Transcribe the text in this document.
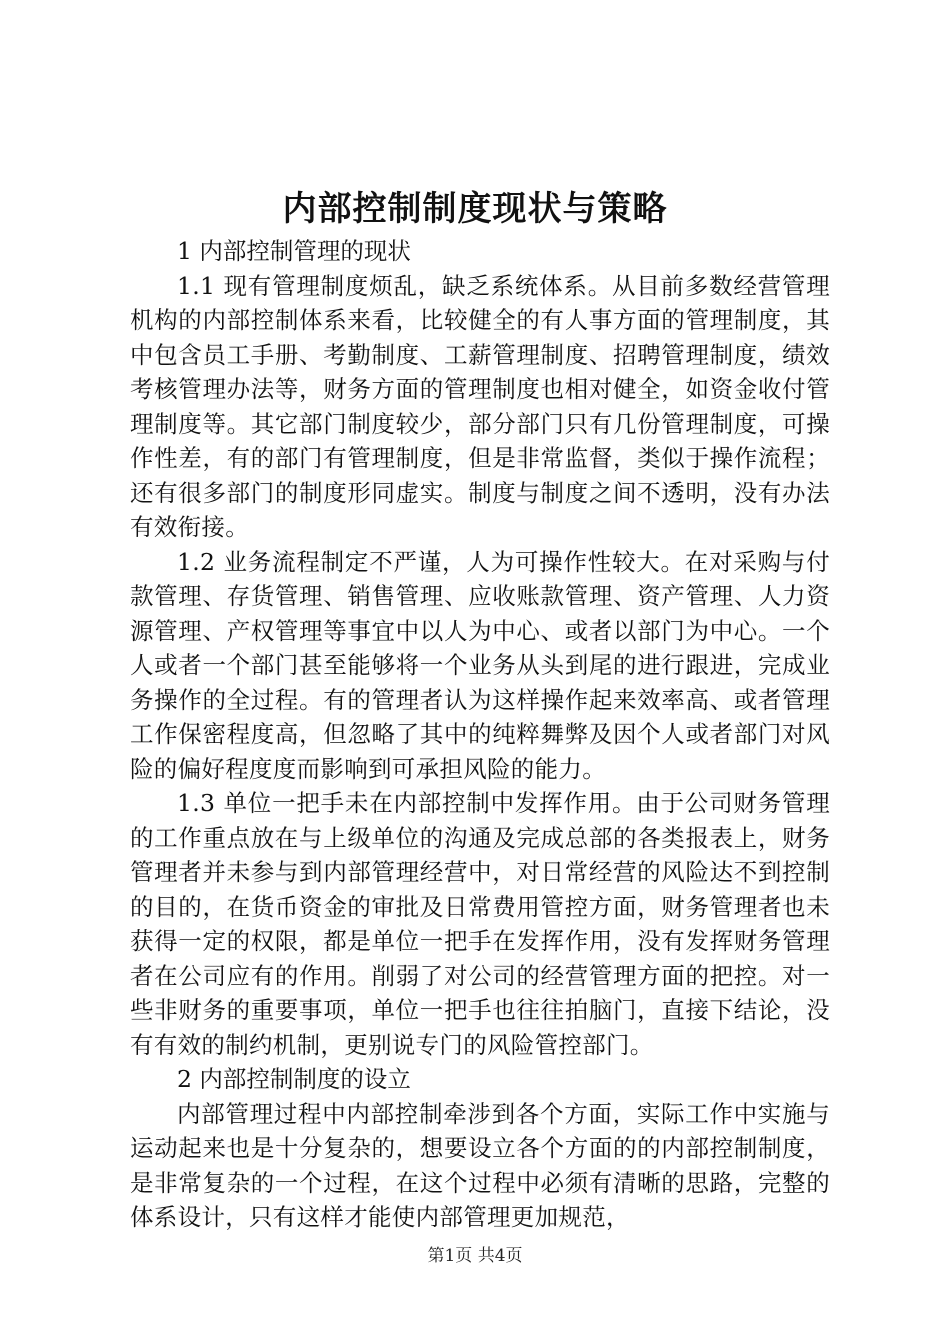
内部控制制度现状与策略

1 内部控制管理的现状

1.1 现有管理制度烦乱，缺乏系统体系。从目前多数经营管理机构的内部控制体系来看，比较健全的有人事方面的管理制度，其中包含员工手册、考勤制度、工薪管理制度、招聘管理制度，绩效考核管理办法等，财务方面的管理制度也相对健全，如资金收付管理制度等。其它部门制度较少，部分部门只有几份管理制度，可操作性差，有的部门有管理制度，但是非常监督，类似于操作流程；还有很多部门的制度形同虚实。制度与制度之间不透明，没有办法有效衔接。

1.2 业务流程制定不严谨，人为可操作性较大。在对采购与付款管理、存货管理、销售管理、应收账款管理、资产管理、人力资源管理、产权管理等事宜中以人为中心、或者以部门为中心。一个人或者一个部门甚至能够将一个业务从头到尾的进行跟进，完成业务操作的全过程。有的管理者认为这样操作起来效率高、或者管理工作保密程度高，但忽略了其中的纯粹舞弊及因个人或者部门对风险的偏好程度度而影响到可承担风险的能力。

1.3 单位一把手未在内部控制中发挥作用。由于公司财务管理的工作重点放在与上级单位的沟通及完成总部的各类报表上，财务管理者并未参与到内部管理经营中，对日常经营的风险达不到控制的目的，在货币资金的审批及日常费用管控方面，财务管理者也未获得一定的权限，都是单位一把手在发挥作用，没有发挥财务管理者在公司应有的作用。削弱了对公司的经营管理方面的把控。对一些非财务的重要事项，单位一把手也往往拍脑门，直接下结论，没有有效的制约机制，更别说专门的风险管控部门。

2 内部控制制度的设立

内部管理过程中内部控制牵涉到各个方面，实际工作中实施与运动起来也是十分复杂的，想要设立各个方面的的内部控制制度，是非常复杂的一个过程，在这个过程中必须有清晰的思路，完整的体系设计，只有这样才能使内部管理更加规范，

第1页 共4页
